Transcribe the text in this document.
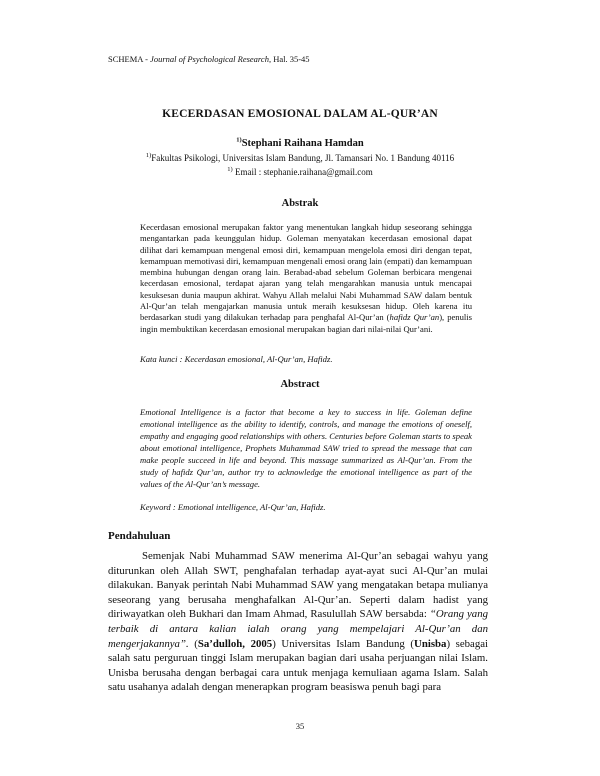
SCHEMA - Journal of Psychological Research, Hal. 35-45
KECERDASAN EMOSIONAL DALAM AL-QUR’AN
$^{1)}$Stephani Raihana Hamdan
$^{1)}$Fakultas Psikologi, Universitas Islam Bandung, Jl. Tamansari No. 1 Bandung 40116
$^{1)}$ Email : stephanie.raihana@gmail.com
Abstrak
Kecerdasan emosional merupakan faktor yang menentukan langkah hidup seseorang sehingga mengantarkan pada keunggulan hidup. Goleman menyatakan kecerdasan emosional dapat dilihat dari kemampuan mengenal emosi diri, kemampuan mengelola emosi diri dengan tepat, kemampuan memotivasi diri, kemampuan mengenali emosi orang lain (empati) dan kemampuan membina hubungan dengan orang lain. Berabad-abad sebelum Goleman berbicara mengenai kecerdasan emosional, terdapat ajaran yang telah mengarahkan manusia untuk mencapai kesuksesan dunia maupun akhirat. Wahyu Allah melalui Nabi Muhammad SAW dalam bentuk Al-Qur’an telah mengajarkan manusia untuk meraih kesuksesan hidup. Oleh karena itu berdasarkan studi yang dilakukan terhadap para penghafal Al-Qur’an (hafidz Qur’an), penulis ingin membuktikan kecerdasan emosional merupakan bagian dari nilai-nilai Qur’ani.
Kata kunci : Kecerdasan emosional, Al-Qur’an, Hafidz.
Abstract
Emotional Intelligence is a factor that become a key to success in life. Goleman define emotional intelligence as the ability to identify, controls, and manage the emotions of oneself, empathy and engaging good relationships with others. Centuries before Goleman starts to speak about emotional intelligence, Prophets Muhammad SAW tried to spread the message that can make people succeed in life and beyond. This massage summarized as Al-Qur’an. From the study of hafidz Qur’an, author try to acknowledge the emotional intelligence as part of the values of the Al-Qur’an’s message.
Keyword : Emotional intelligence, Al-Qur’an, Hafidz.
Pendahuluan
Semenjak Nabi Muhammad SAW menerima Al-Qur’an sebagai wahyu yang diturunkan oleh Allah SWT, penghafalan terhadap ayat-ayat suci Al-Qur’an mulai dilakukan. Banyak perintah Nabi Muhammad SAW yang mengatakan betapa mulianya seseorang yang berusaha menghafalkan Al-Qur’an. Seperti dalam hadist yang diriwayatkan oleh Bukhari dan Imam Ahmad, Rasulullah SAW bersabda: “Orang yang terbaik di antara kalian ialah orang yang mempelajari Al-Qur’an dan mengerjakannya”. (Sa’dulloh, 2005) Universitas Islam Bandung (Unisba) sebagai salah satu perguruan tinggi Islam merupakan bagian dari usaha perjuangan nilai Islam. Unisba berusaha dengan berbagai cara untuk menjaga kemuliaan agama Islam. Salah satu usahanya adalah dengan menerapkan program beasiswa penuh bagi para
35
